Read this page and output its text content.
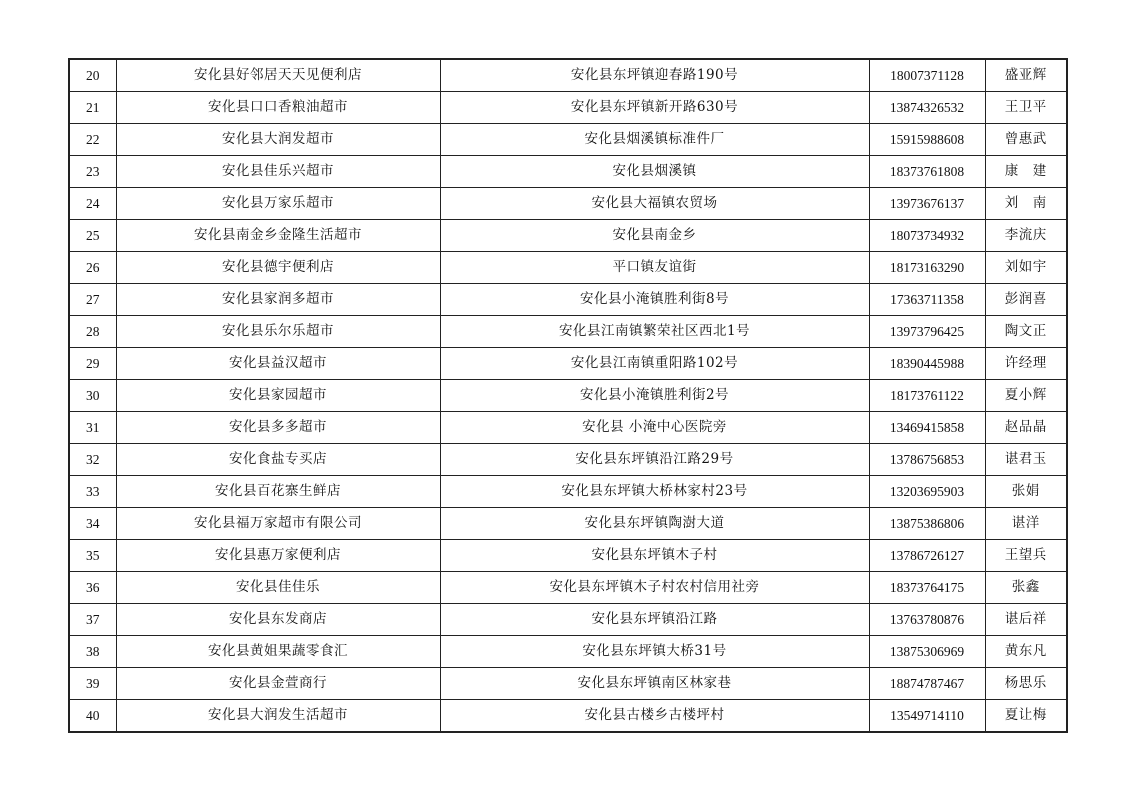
20	安化县好邻居天天见便利店	安化县东坪镇迎春路190号	18007371128	盛亚辉
21	安化县口口香粮油超市	安化县东坪镇新开路630号	13874326532	王卫平
22	安化县大润发超市	安化县烟溪镇标准件厂	15915988608	曾惠武
23	安化县佳乐兴超市	安化县烟溪镇	18373761808	康　建
24	安化县万家乐超市	安化县大福镇农贸场	13973676137	刘　南
25	安化县南金乡金隆生活超市	安化县南金乡	18073734932	李流庆
26	安化县德宇便利店	平口镇友谊街	18173163290	刘如宇
27	安化县家润多超市	安化县小淹镇胜利街8号	17363711358	彭润喜
28	安化县乐尔乐超市	安化县江南镇繁荣社区西北1号	13973796425	陶文正
29	安化县益汉超市	安化县江南镇重阳路102号	18390445988	许经理
30	安化县家园超市	安化县小淹镇胜利街2号	18173761122	夏小辉
31	安化县多多超市	安化县 小淹中心医院旁	13469415858	赵品晶
32	安化食盐专买店	安化县东坪镇沿江路29号	13786756853	谌君玉
33	安化县百花寨生鲜店	安化县东坪镇大桥林家村23号	13203695903	张娟
34	安化县福万家超市有限公司	安化县东坪镇陶澍大道	13875386806	谌洋
35	安化县惠万家便利店	安化县东坪镇木子村	13786726127	王望兵
36	安化县佳佳乐	安化县东坪镇木子村农村信用社旁	18373764175	张鑫
37	安化县东发商店	安化县东坪镇沿江路	13763780876	谌后祥
38	安化县黄姐果蔬零食汇	安化县东坪镇大桥31号	13875306969	黄东凡
39	安化县金萱商行	安化县东坪镇南区林家巷	18874787467	杨思乐
40	安化县大润发生活超市	安化县古楼乡古楼坪村	13549714110	夏让梅
